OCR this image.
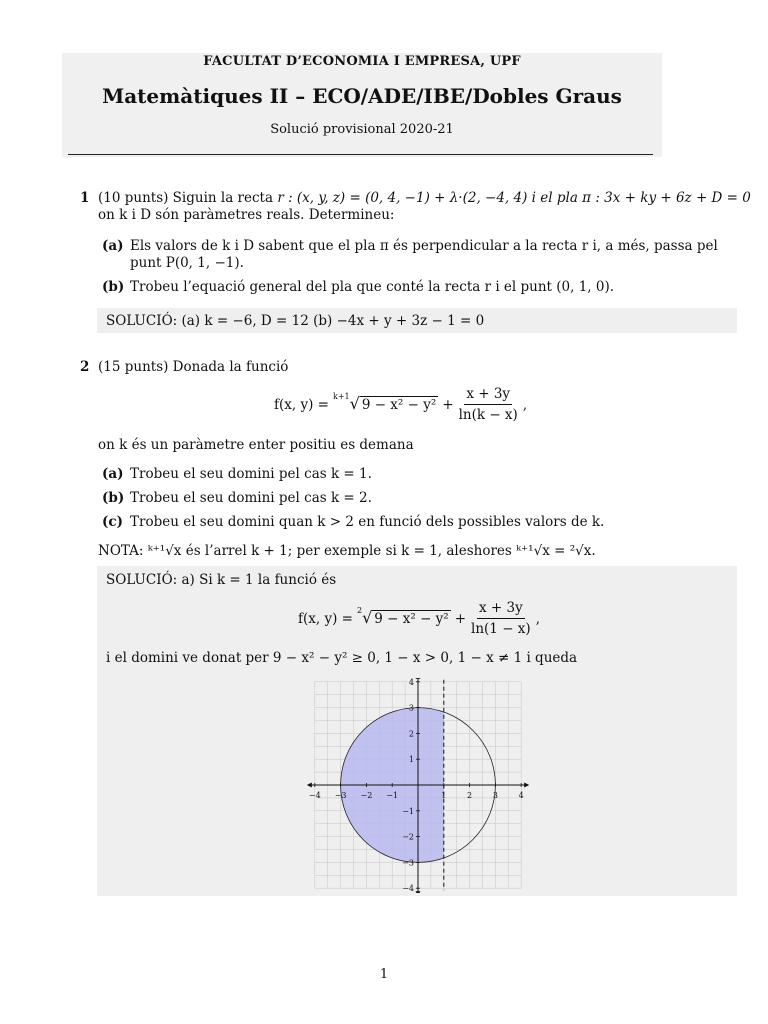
FACULTAT D’ECONOMIA I EMPRESA, UPF
Matemàtiques II – ECO/ADE/IBE/Dobles Graus
Solució provisional 2020-21
1 (10 punts) Siguin la recta r : (x, y, z) = (0, 4, −1) + λ·(2, −4, 4) i el pla π : 3x + ky + 6z + D = 0
on k i D són paràmetres reals. Determineu:
(a) Els valors de k i D sabent que el pla π és perpendicular a la recta r i, a més, passa pel
punt P(0, 1, −1).
(b) Trobeu l’equació general del pla que conté la recta r i el punt (0, 1, 0).
SOLUCIÓ: (a) k = −6, D = 12 (b) −4x + y + 3z − 1 = 0
2 (15 punts) Donada la funció
f(x, y) = k+1 √ $9 - x^2 - y^2 + \frac{x + 3y}{\ln(k - x)}$ ,
on k és un paràmetre enter positiu es demana
(a) Trobeu el seu domini pel cas k = 1.
(b) Trobeu el seu domini pel cas k = 2.
(c) Trobeu el seu domini quan k > 2 en funció dels possibles valors de k.
NOTA: ᵏ⁺¹√x és l’arrel k + 1; per exemple si k = 1, aleshores ᵏ⁺¹√x = ²√x.
SOLUCIÓ: a) Si k = 1 la funció és
f(x, y) = 2 √ $9 - x^2 - y^2 + \frac{x + 3y}{\ln(1 - x)}$ ,
i el domini ve donat per 9 − x² − y² ≥ 0, 1 − x > 0, 1 − x ≠ 1 i queda
−4 −3 −2 −1	1	2	3	4
4
3
2
1
−1
−2
−3
−4
1
